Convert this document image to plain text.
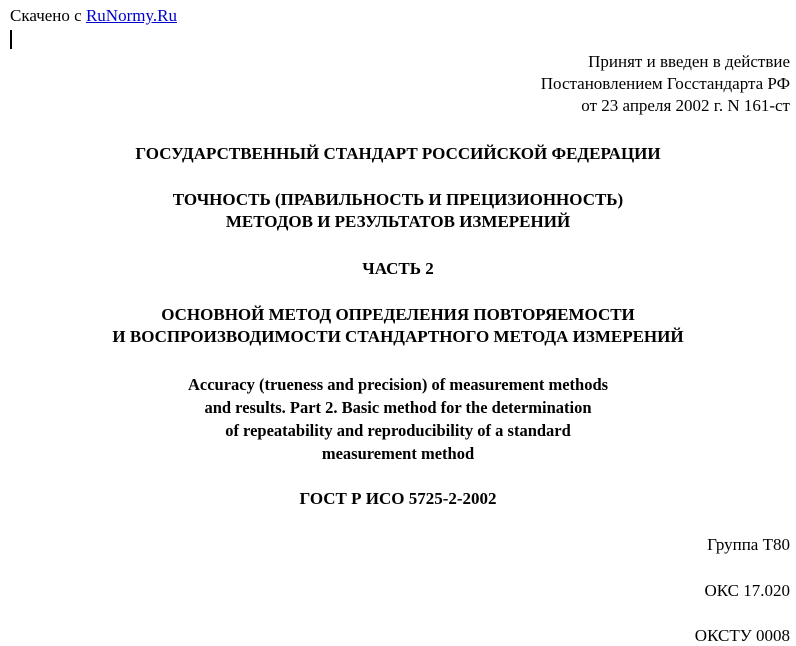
Скачено с RuNormy.Ru
Принят и введен в действие
Постановлением Госстандарта РФ
от 23 апреля 2002 г. N 161-ст
ГОСУДАРСТВЕННЫЙ СТАНДАРТ РОССИЙСКОЙ ФЕДЕРАЦИИ
ТОЧНОСТЬ (ПРАВИЛЬНОСТЬ И ПРЕЦИЗИОННОСТЬ)
МЕТОДОВ И РЕЗУЛЬТАТОВ ИЗМЕРЕНИЙ
ЧАСТЬ 2
ОСНОВНОЙ МЕТОД ОПРЕДЕЛЕНИЯ ПОВТОРЯЕМОСТИ
И ВОСПРОИЗВОДИМОСТИ СТАНДАРТНОГО МЕТОДА ИЗМЕРЕНИЙ
Accuracy (trueness and precision) of measurement methods
and results. Part 2. Basic method for the determination
of repeatability and reproducibility of a standard
measurement method
ГОСТ Р ИСО 5725-2-2002
Группа Т80
ОКС 17.020
ОКСТУ 0008
